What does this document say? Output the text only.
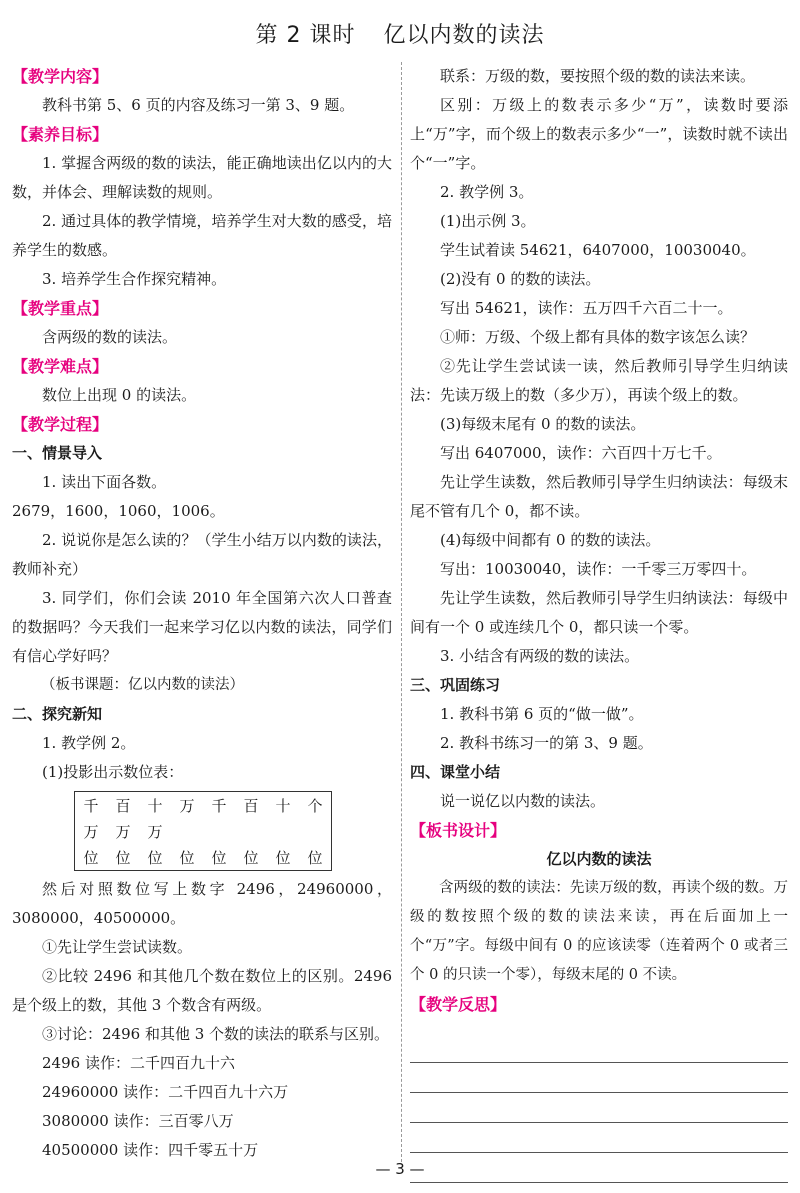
第 2 课时 亿以内数的读法
【教学内容】

教科书第 5、6 页的内容及练习一第 3、9 题。

【素养目标】

1. 掌握含两级的数的读法，能正确地读出亿以内的大数，并体会、理解读数的规则。

2. 通过具体的教学情境，培养学生对大数的感受，培养学生的数感。

3. 培养学生合作探究精神。

【教学重点】

含两级的数的读法。

【教学难点】

数位上出现 0 的读法。

【教学过程】
一、情景导入

1. 读出下面各数。

2679，1600，1060，1006。

2. 说说你是怎么读的？（学生小结万以内数的读法，教师补充）

3. 同学们，你们会读 2010 年全国第六次人口普查的数据吗？今天我们一起来学习亿以内数的读法，同学们有信心学好吗？

（板书课题：亿以内数的读法）

二、探究新知

1. 教学例 2。

(1)投影出示数位表：

千	百	十	万	千	百	十	个
万	万	万					
位	位	位	位	位	位	位	位

然后对照数位写上数字 2496，24960000，3080000，40500000。

①先让学生尝试读数。

②比较 2496 和其他几个数在数位上的区别。2496 是个级上的数，其他 3 个数含有两级。

③讨论：2496 和其他 3 个数的读法的联系与区别。

2496 读作：二千四百九十六

24960000 读作：二千四百九十六万

3080000 读作：三百零八万

40500000 读作：四千零五十万

联系：万级的数，要按照个级的数的读法来读。

区别：万级上的数表示多少“万”，读数时要添上“万”字，而个级上的数表示多少“一”，读数时就不读出个“一”字。

2. 教学例 3。

(1)出示例 3。

学生试着读 54621，6407000，10030040。

(2)没有 0 的数的读法。

写出 54621，读作：五万四千六百二十一。

①师：万级、个级上都有具体的数字该怎么读？

②先让学生尝试读一读，然后教师引导学生归纳读法：先读万级上的数（多少万），再读个级上的数。

(3)每级末尾有 0 的数的读法。

写出 6407000，读作：六百四十万七千。

先让学生读数，然后教师引导学生归纳读法：每级末尾不管有几个 0，都不读。

(4)每级中间都有 0 的数的读法。

写出：10030040，读作：一千零三万零四十。

先让学生读数，然后教师引导学生归纳读法：每级中间有一个 0 或连续几个 0，都只读一个零。

3. 小结含有两级的数的读法。

三、巩固练习

1. 教科书第 6 页的“做一做”。

2. 教科书练习一的第 3、9 题。

四、课堂小结

说一说亿以内数的读法。

【板书设计】
亿以内数的读法

含两级的数的读法：先读万级的数，再读个级的数。万级的数按照个级的数的读法来读，再在后面加上一个“万”字。每级中间有 0 的应该读零（连着两个 0 或者三个 0 的只读一个零），每级末尾的 0 不读。

【教学反思】
— 3 —
